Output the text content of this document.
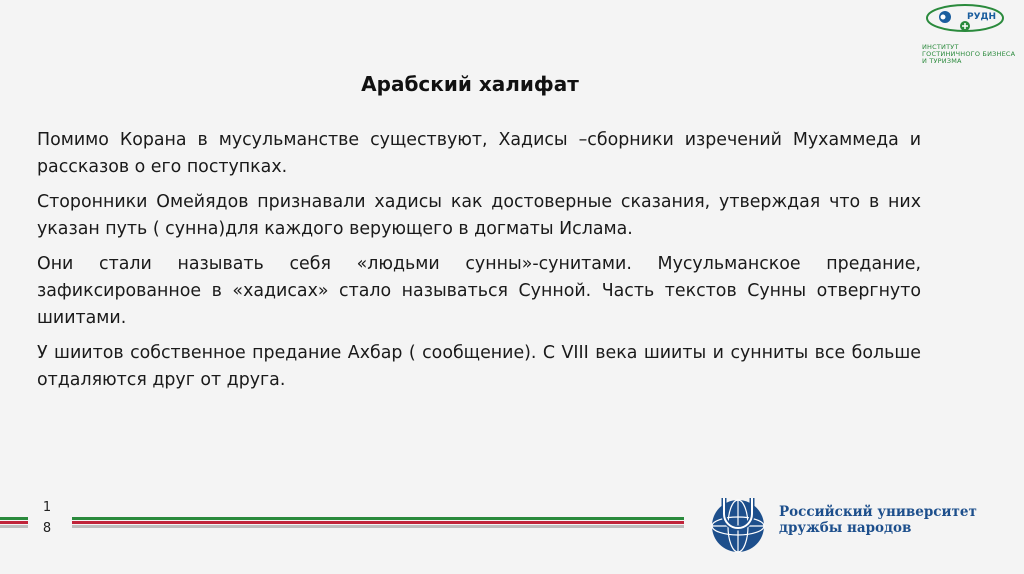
РУДН
ИНСТИТУТ
ГОСТИНИЧНОГО БИЗНЕСА
И ТУРИЗМА
Арабский халифат

Помимо Корана в мусульманстве существуют, Хадисы –сборники изречений Мухаммеда и рассказов о его поступках.

Сторонники Омейядов признавали хадисы как достоверные сказания, утверждая что в них указан путь ( сунна)для каждого верующего в догматы Ислама.

Они стали называть себя «людьми сунны»-сунитами. Мусульманское предание, зафиксированное в «хадисах» стало называться Сунной. Часть текстов Сунны отвергнуто шиитами.

У шиитов собственное предание Ахбар ( сообщение). С VIII века шииты и сунниты все больше отдаляются друг от друга.

1
8
Российский университет
дружбы народов
